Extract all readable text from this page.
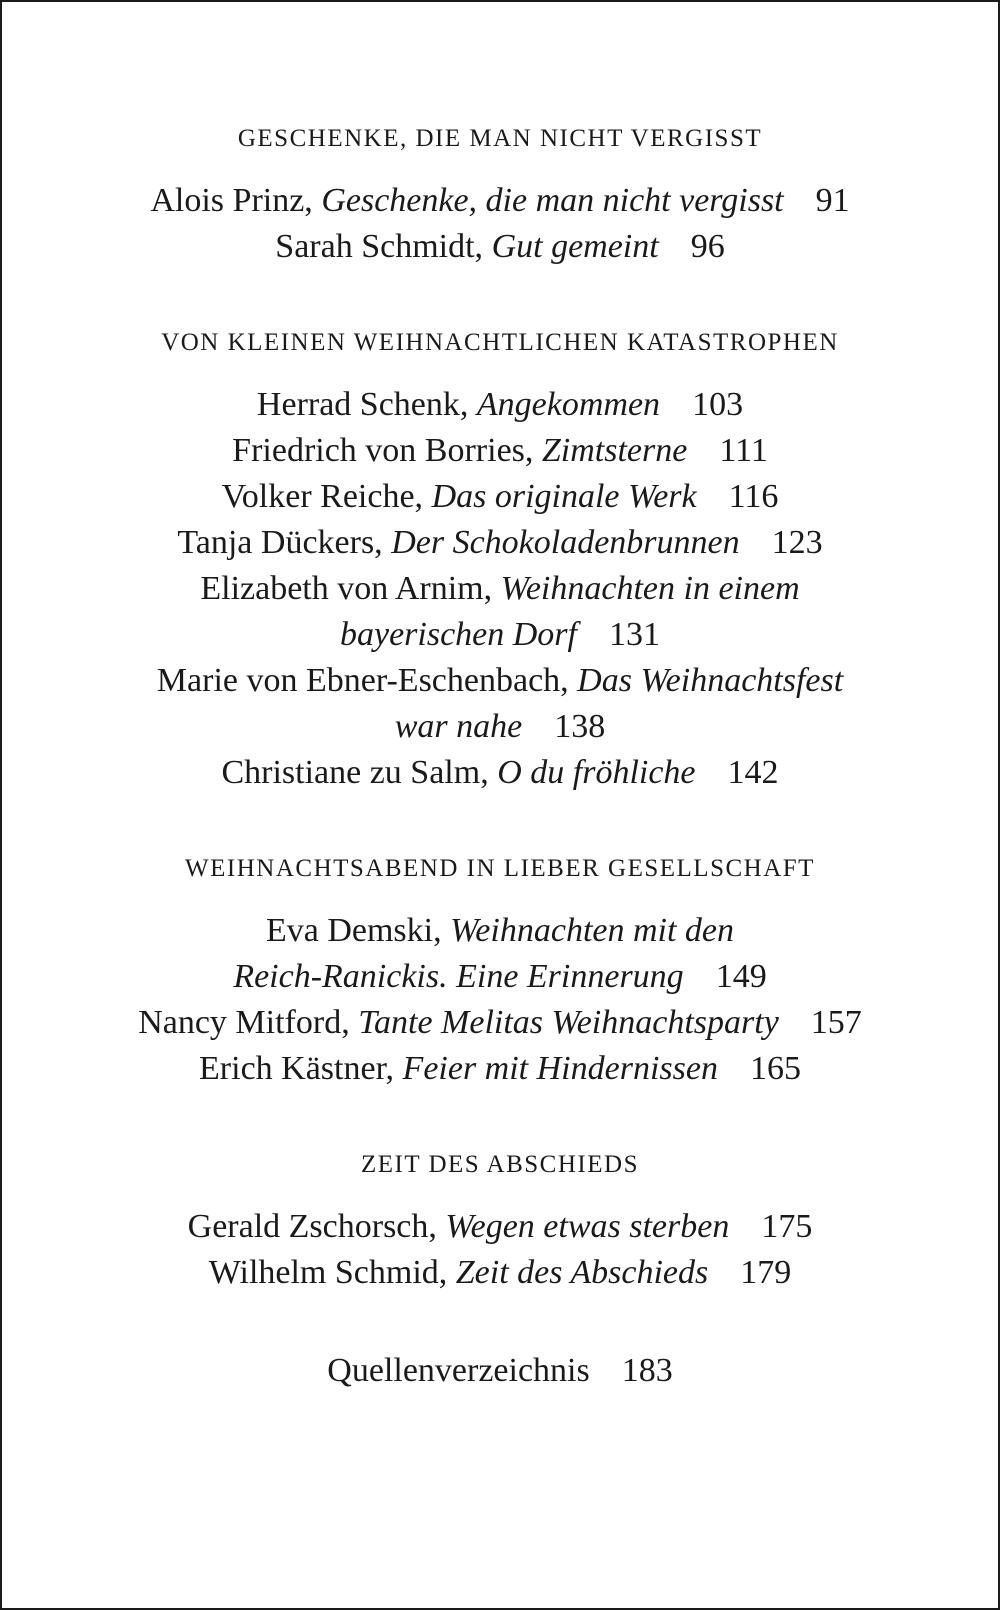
GESCHENKE, DIE MAN NICHT VERGISST
Alois Prinz, Geschenke, die man nicht vergisst 91
Sarah Schmidt, Gut gemeint 96
VON KLEINEN WEIHNACHTLICHEN KATASTROPHEN
Herrad Schenk, Angekommen 103
Friedrich von Borries, Zimtsterne 111
Volker Reiche, Das originale Werk 116
Tanja Dückers, Der Schokoladenbrunnen 123
Elizabeth von Arnim, Weihnachten in einem
bayerischen Dorf 131
Marie von Ebner-Eschenbach, Das Weihnachtsfest
war nahe 138
Christiane zu Salm, O du fröhliche 142
WEIHNACHTSABEND IN LIEBER GESELLSCHAFT
Eva Demski, Weihnachten mit den
Reich-Ranickis. Eine Erinnerung 149
Nancy Mitford, Tante Melitas Weihnachtsparty 157
Erich Kästner, Feier mit Hindernissen 165
ZEIT DES ABSCHIEDS
Gerald Zschorsch, Wegen etwas sterben 175
Wilhelm Schmid, Zeit des Abschieds 179
Quellenverzeichnis 183
